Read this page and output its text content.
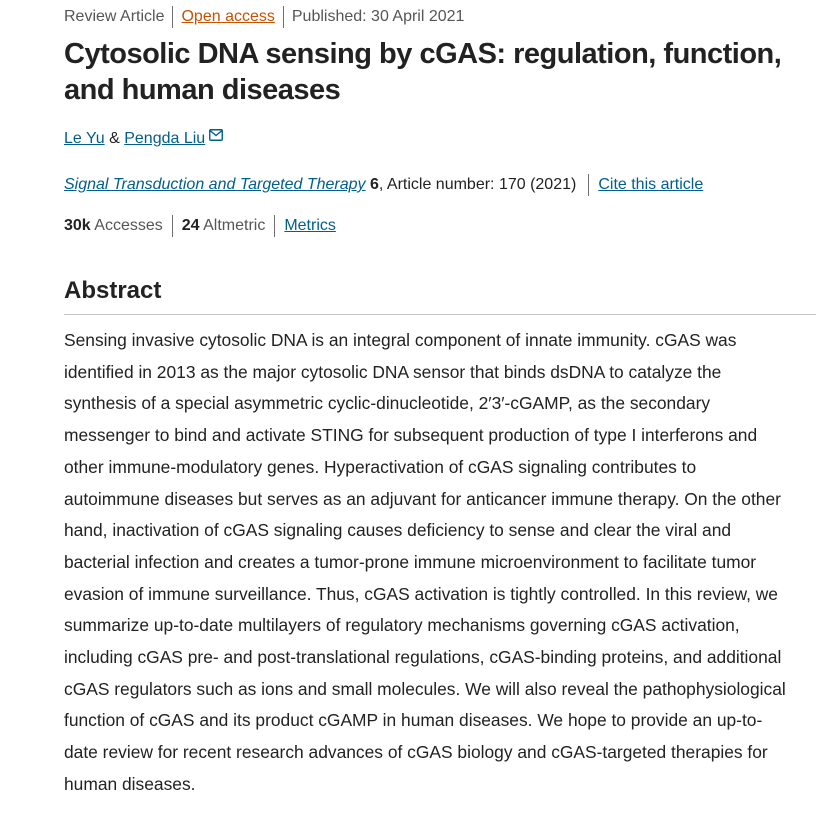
Review Article Open access Published: 30 April 2021
Cytosolic DNA sensing by cGAS: regulation, function, and human diseases
Le Yu & Pengda Liu
Signal Transduction and Targeted Therapy 6, Article number: 170 (2021) Cite this article
30k Accesses 24 Altmetric Metrics
Abstract

Sensing invasive cytosolic DNA is an integral component of innate immunity. cGAS was
identified in 2013 as the major cytosolic DNA sensor that binds dsDNA to catalyze the
synthesis of a special asymmetric cyclic-dinucleotide, 2′3′-cGAMP, as the secondary
messenger to bind and activate STING for subsequent production of type I interferons and
other immune-modulatory genes. Hyperactivation of cGAS signaling contributes to
autoimmune diseases but serves as an adjuvant for anticancer immune therapy. On the other
hand, inactivation of cGAS signaling causes deficiency to sense and clear the viral and
bacterial infection and creates a tumor-prone immune microenvironment to facilitate tumor
evasion of immune surveillance. Thus, cGAS activation is tightly controlled. In this review, we
summarize up-to-date multilayers of regulatory mechanisms governing cGAS activation,
including cGAS pre- and post-translational regulations, cGAS-binding proteins, and additional
cGAS regulators such as ions and small molecules. We will also reveal the pathophysiological
function of cGAS and its product cGAMP in human diseases. We hope to provide an up-to-
date review for recent research advances of cGAS biology and cGAS-targeted therapies for
human diseases.
